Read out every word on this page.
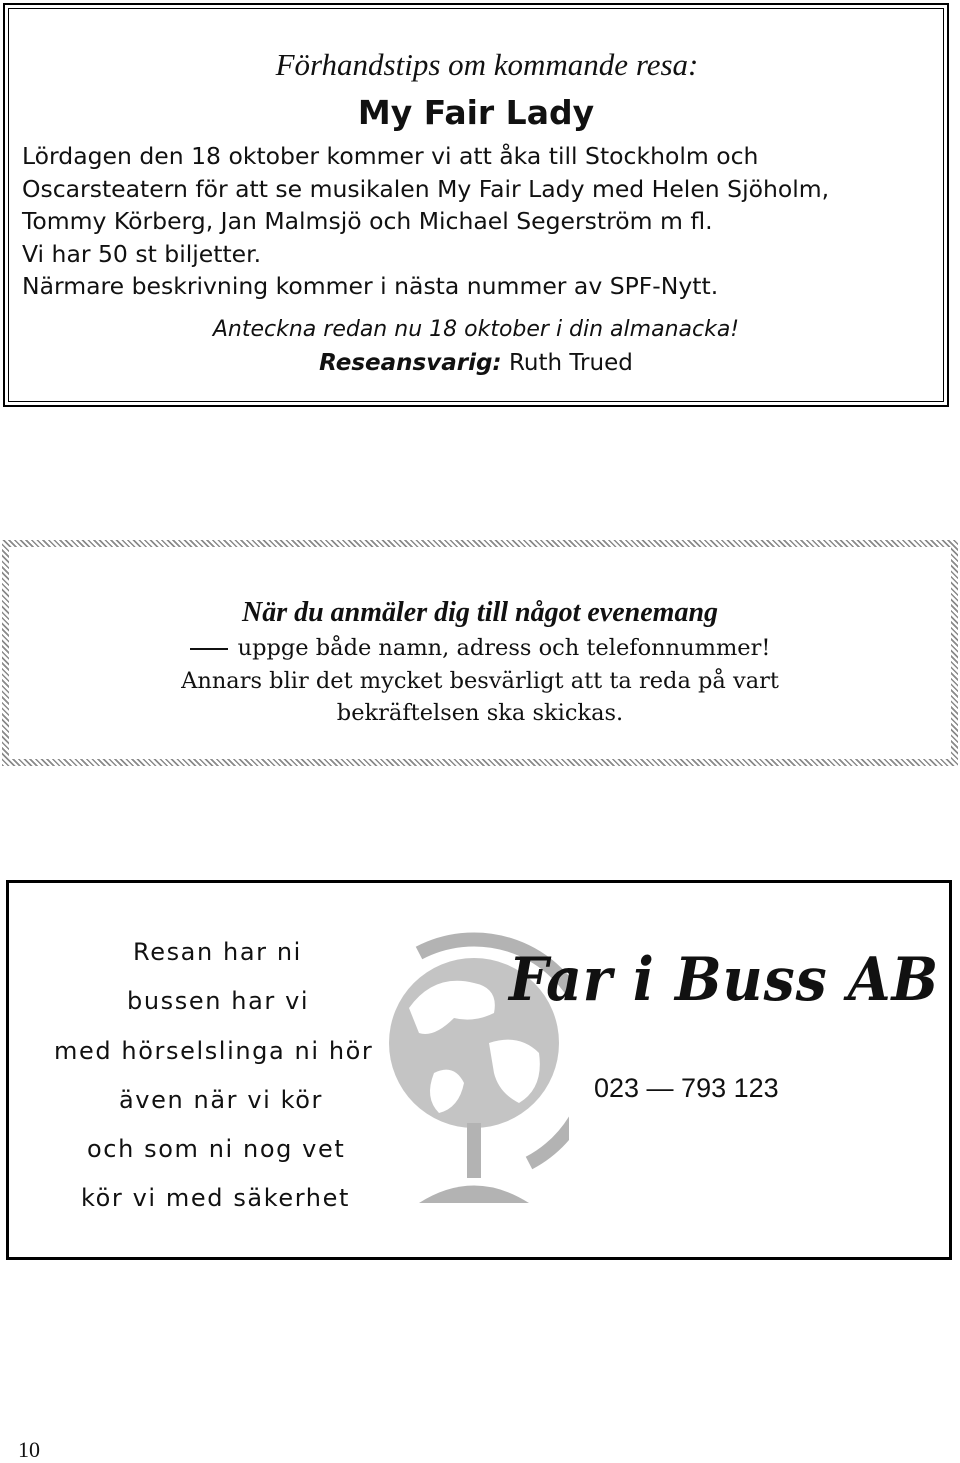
Förhandstips om kommande resa:
My Fair Lady
Lördagen den 18 oktober kommer vi att åka till Stockholm och
Oscarsteatern för att se musikalen My Fair Lady med Helen Sjöholm,
Tommy Körberg, Jan Malmsjö och Michael Segerström m fl.
Vi har 50 st biljetter.
Närmare beskrivning kommer i nästa nummer av SPF-Nytt.
Anteckna redan nu 18 oktober i din almanacka!
Reseansvarig: Ruth Trued
När du anmäler dig till något evenemang
uppge både namn, adress och telefonnummer!
Annars blir det mycket besvärligt att ta reda på vart
bekräftelsen ska skickas.
Resan har ni
bussen har vi
med hörselslinga ni hör
även när vi kör
och som ni nog vet
kör vi med säkerhet
Far i Buss AB
023 — 793 123
10
